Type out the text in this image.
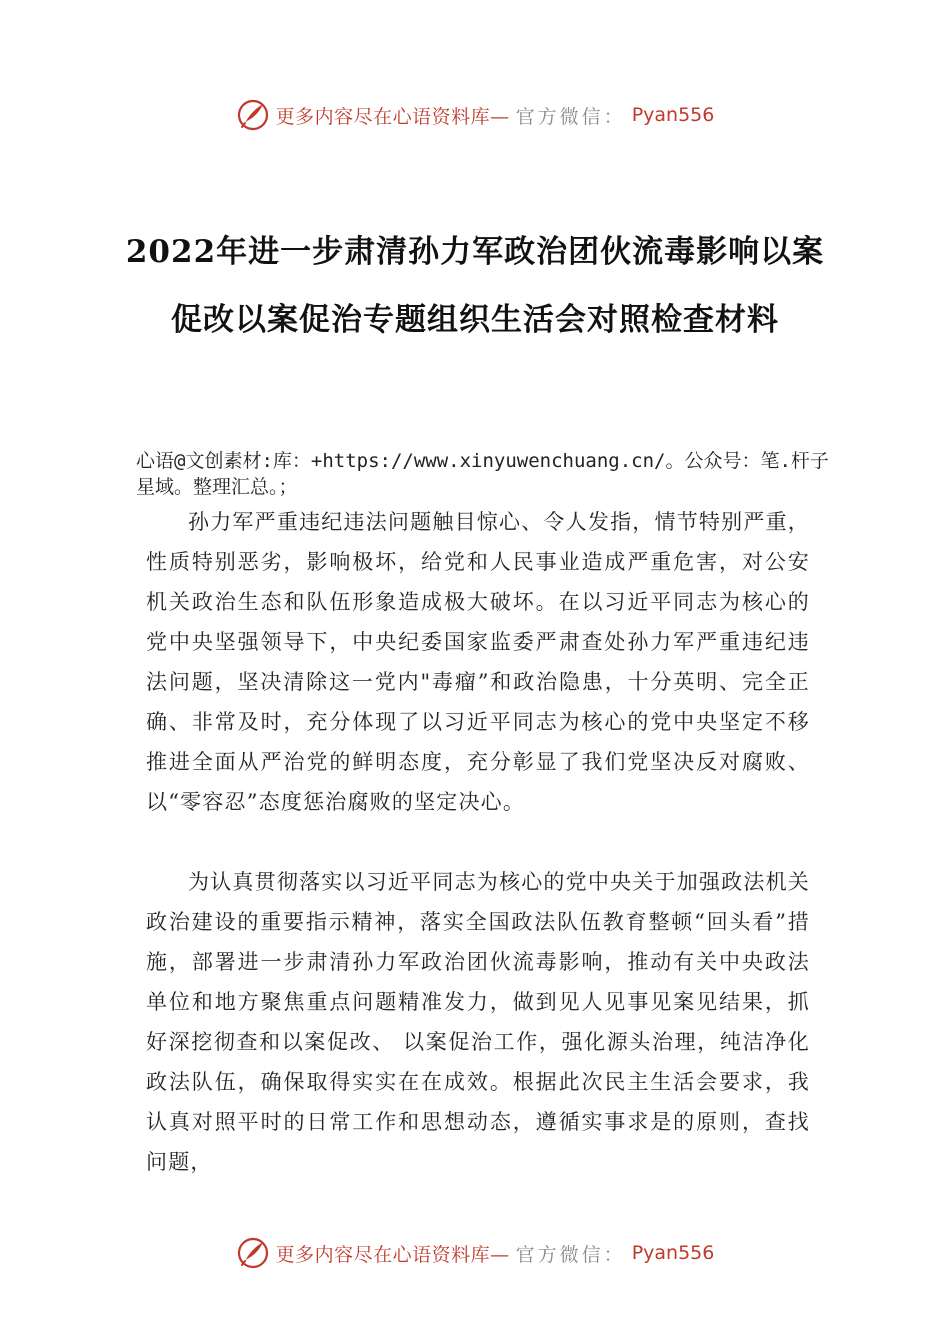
更多内容尽在心语资料库— 官方微信： Pyan556
2022年进一步肃清孙力军政治团伙流毒影响以案促改以案促治专题组织生活会对照检查材料

心语@文创素材:库：+https://www.xinyuwenchuang.cn/。公众号：笔.杆子星域。整理汇总。；

孙力军严重违纪违法问题触目惊心、令人发指，情节特别严重，性质特别恶劣，影响极坏，给党和人民事业造成严重危害，对公安机关政治生态和队伍形象造成极大破坏。在以习近平同志为核心的党中央坚强领导下，中央纪委国家监委严肃查处孙力军严重违纪违法问题，坚决清除这一党内"毒瘤”和政治隐患，十分英明、完全正确、非常及时，充分体现了以习近平同志为核心的党中央坚定不移推进全面从严治党的鲜明态度，充分彰显了我们党坚决反对腐败、以“零容忍”态度惩治腐败的坚定决心。

为认真贯彻落实以习近平同志为核心的党中央关于加强政法机关政治建设的重要指示精神，落实全国政法队伍教育整顿“回头看”措施，部署进一步肃清孙力军政治团伙流毒影响，推动有关中央政法单位和地方聚焦重点问题精准发力，做到见人见事见案见结果，抓好深挖彻查和以案促改、 以案促治工作，强化源头治理，纯洁净化政法队伍，确保取得实实在在成效。根据此次民主生活会要求，我认真对照平时的日常工作和思想动态，遵循实事求是的原则，查找问题，

更多内容尽在心语资料库— 官方微信： Pyan556
